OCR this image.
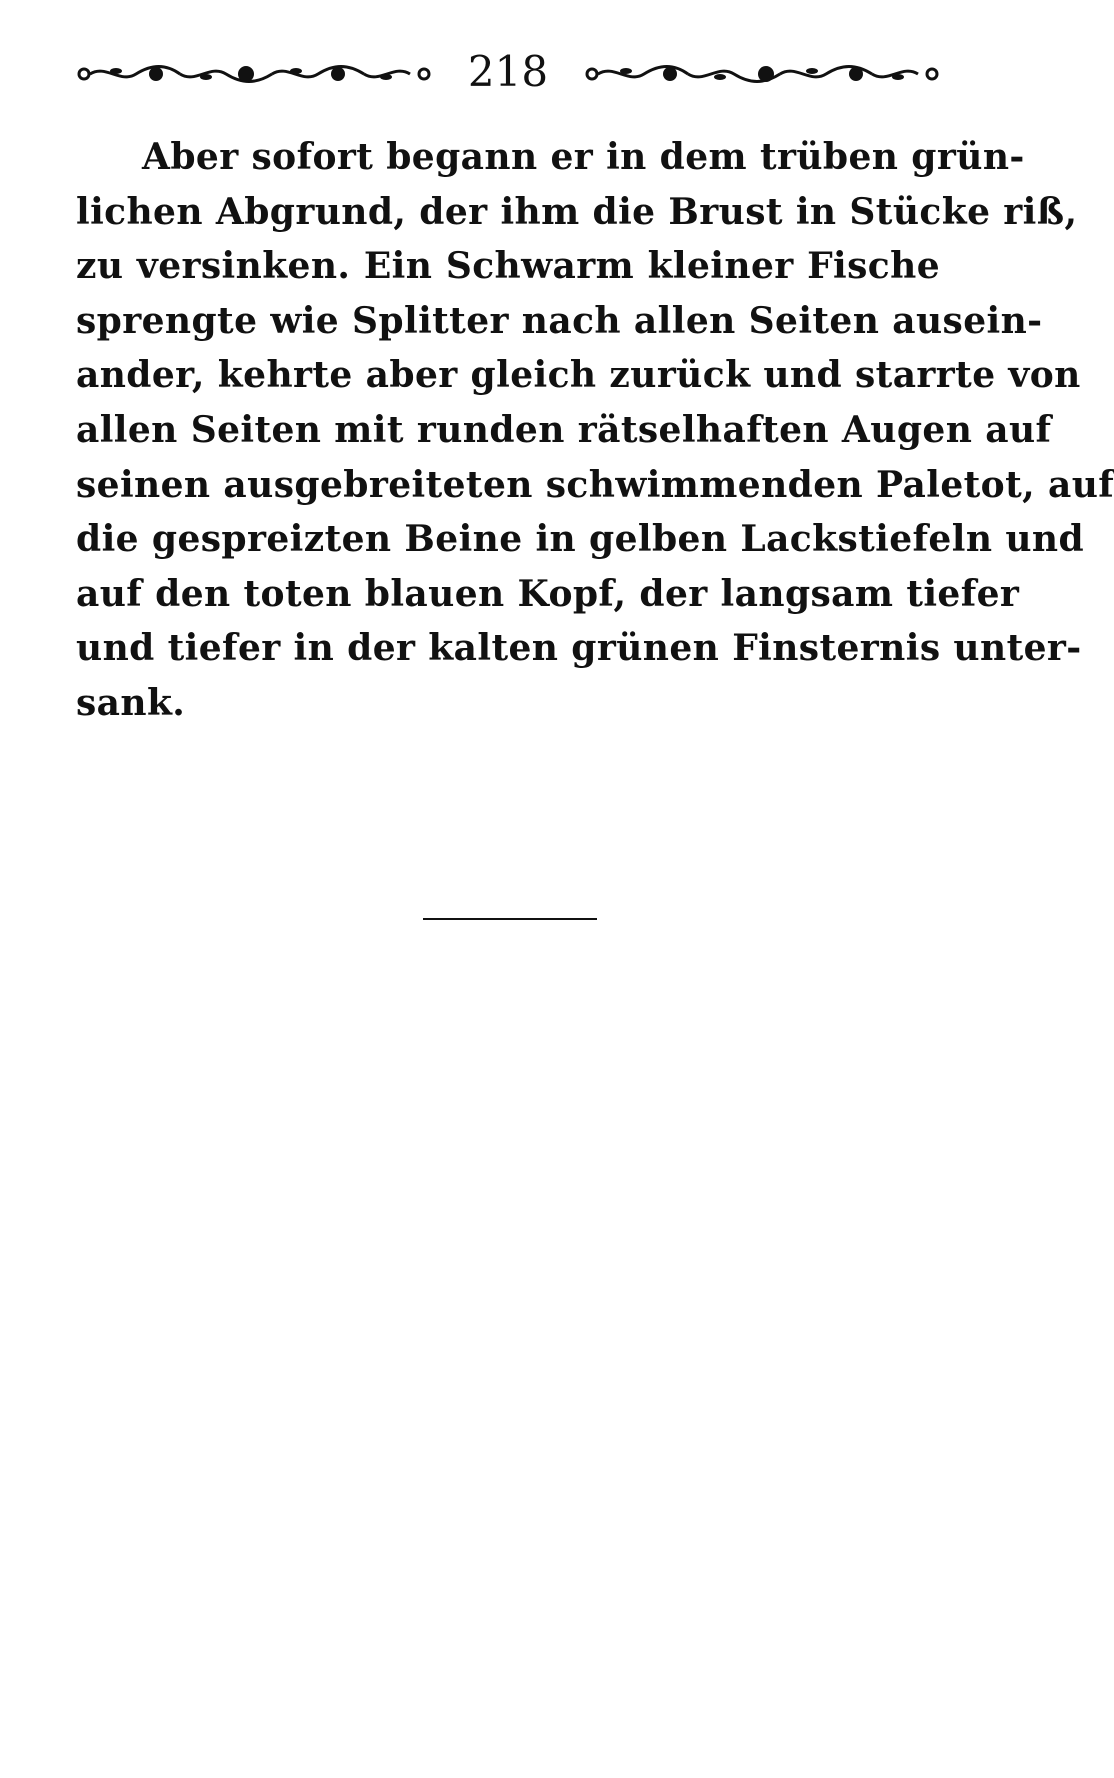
218
Aber sofort begann er in dem trüben grün-
lichen Abgrund, der ihm die Brust in Stücke riß,
zu versinken. Ein Schwarm kleiner Fische
sprengte wie Splitter nach allen Seiten ausein-
ander, kehrte aber gleich zurück und starrte von
allen Seiten mit runden rätselhaften Augen auf
seinen ausgebreiteten schwimmenden Paletot, auf
die gespreizten Beine in gelben Lackstiefeln und
auf den toten blauen Kopf, der langsam tiefer
und tiefer in der kalten grünen Finsternis unter-
sank.
